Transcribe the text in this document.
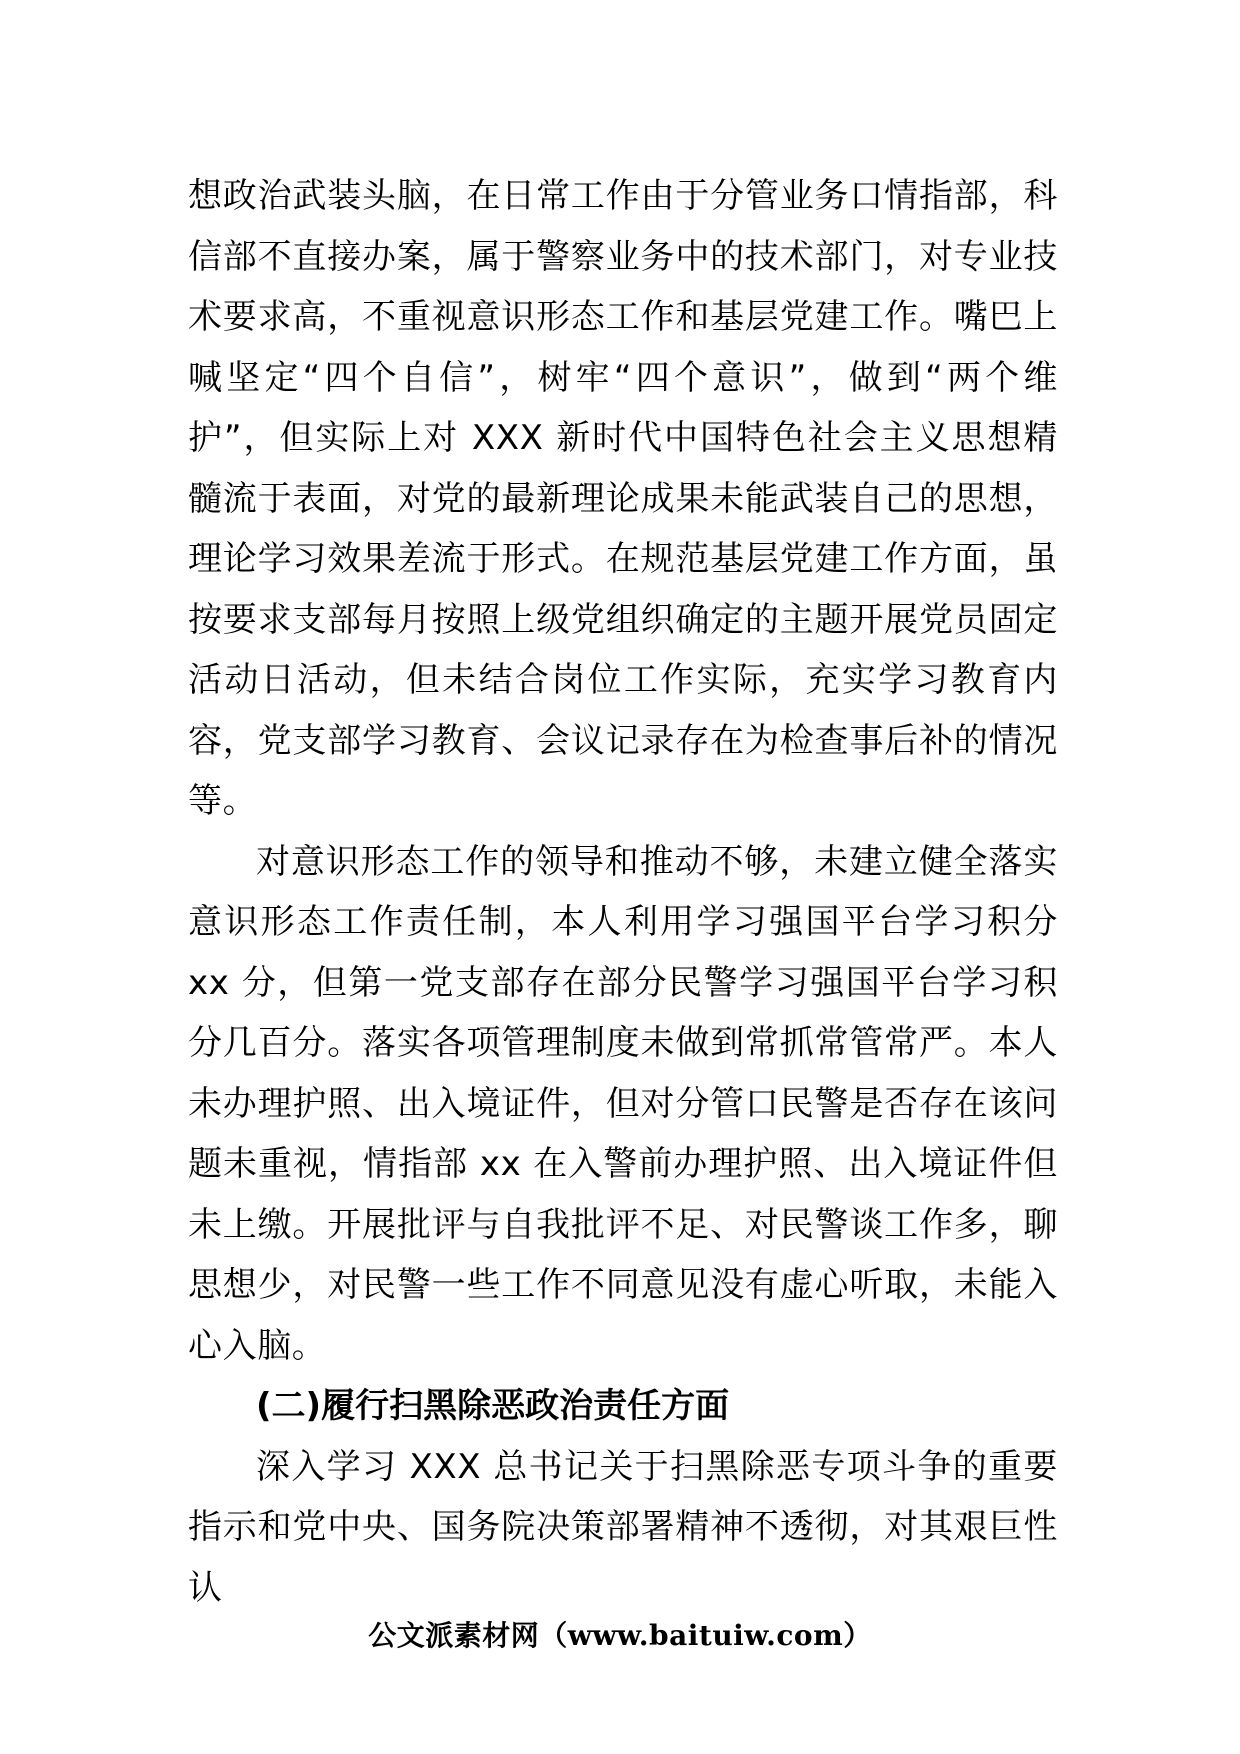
想政治武装头脑，在日常工作由于分管业务口情指部，科信部不直接办案，属于警察业务中的技术部门，对专业技术要求高，不重视意识形态工作和基层党建工作。嘴巴上喊坚定“四个自信”，树牢“四个意识”，做到“两个维护”，但实际上对 XXX 新时代中国特色社会主义思想精髓流于表面，对党的最新理论成果未能武装自己的思想，理论学习效果差流于形式。在规范基层党建工作方面，虽按要求支部每月按照上级党组织确定的主题开展党员固定活动日活动，但未结合岗位工作实际，充实学习教育内容，党支部学习教育、会议记录存在为检查事后补的情况等。

对意识形态工作的领导和推动不够，未建立健全落实意识形态工作责任制，本人利用学习强国平台学习积分 xx 分，但第一党支部存在部分民警学习强国平台学习积分几百分。落实各项管理制度未做到常抓常管常严。本人未办理护照、出入境证件，但对分管口民警是否存在该问题未重视，情指部 xx 在入警前办理护照、出入境证件但未上缴。开展批评与自我批评不足、对民警谈工作多，聊思想少，对民警一些工作不同意见没有虚心听取，未能入心入脑。

(二)履行扫黑除恶政治责任方面

深入学习 XXX 总书记关于扫黑除恶专项斗争的重要指示和党中央、国务院决策部署精神不透彻，对其艰巨性认

公文派素材网（www.baituiw.com）
